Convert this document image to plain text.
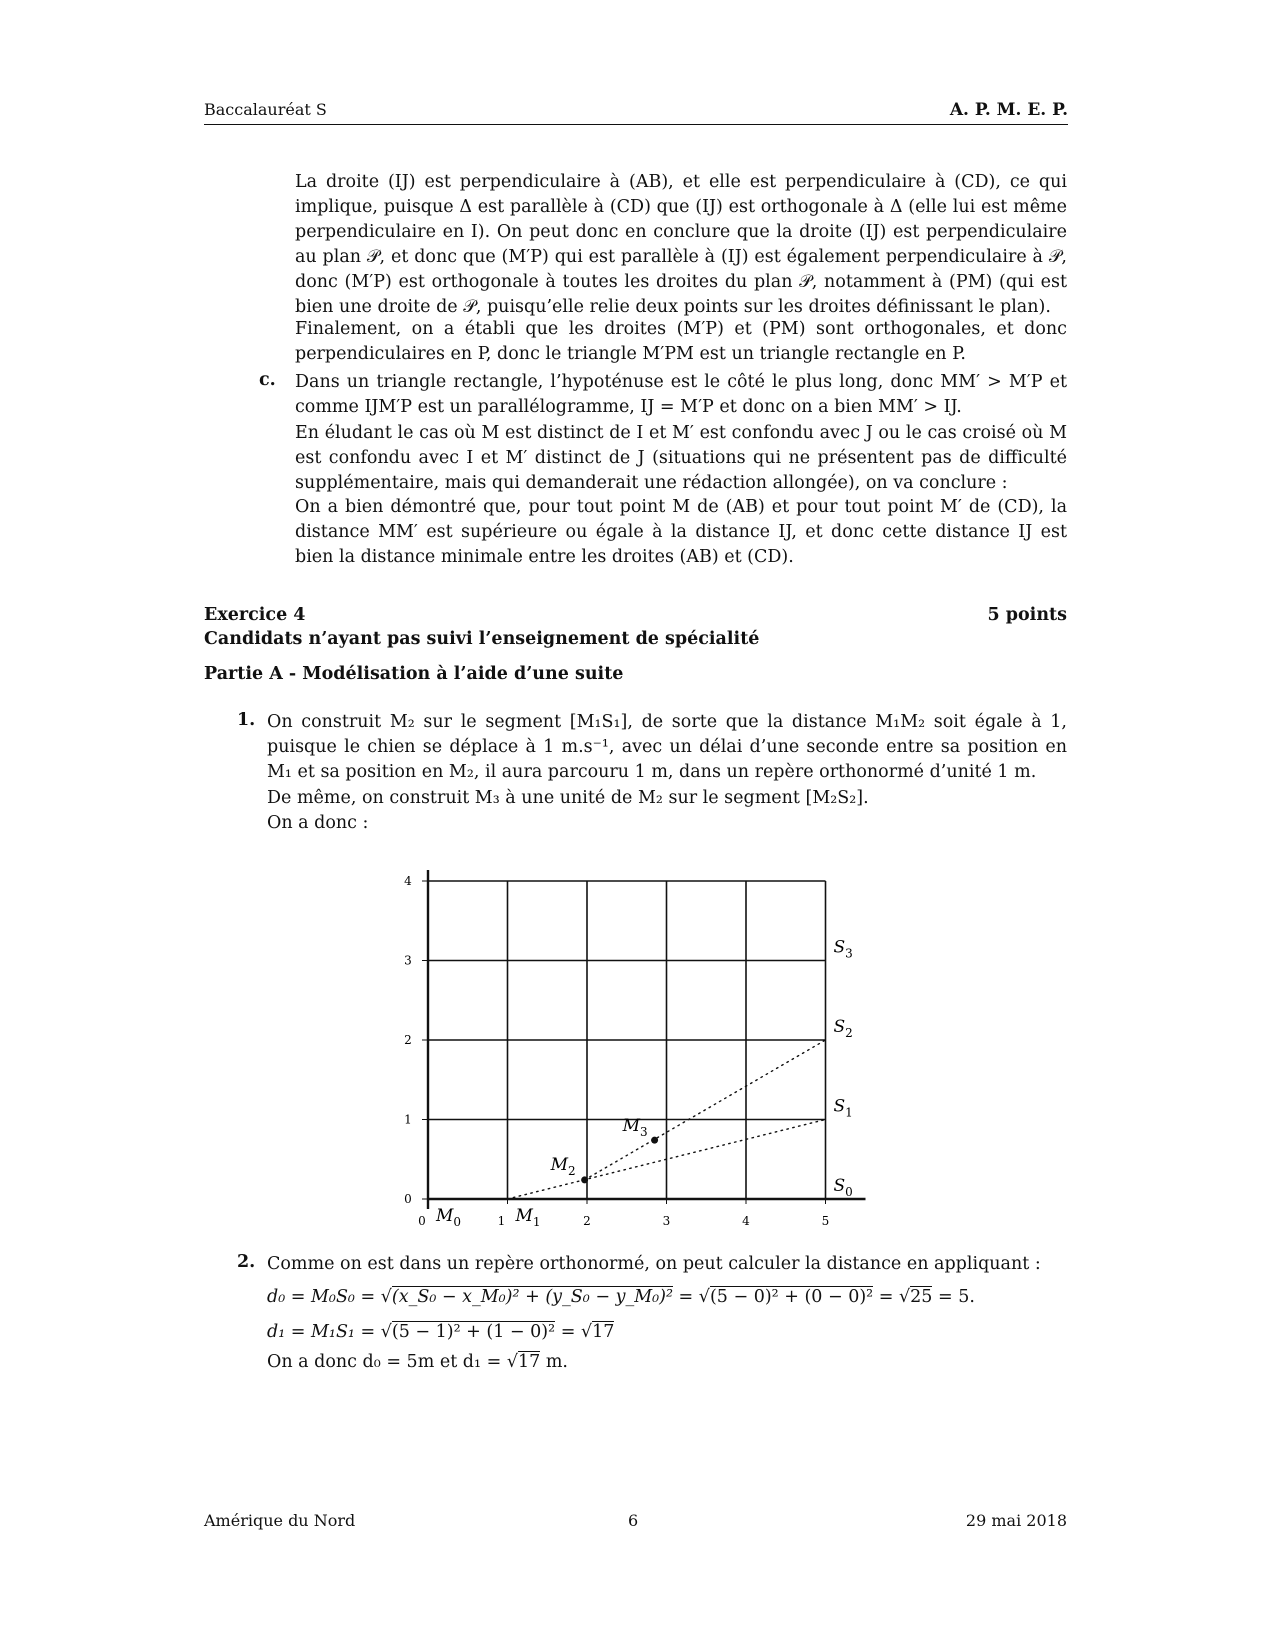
Baccalauréat S	A. P. M. E. P.
La droite (IJ) est perpendiculaire à (AB), et elle est perpendiculaire à (CD), ce qui implique, puisque Δ est parallèle à (CD) que (IJ) est orthogonale à Δ (elle lui est même perpendiculaire en I). On peut donc en conclure que la droite (IJ) est perpendiculaire au plan 𝒫, et donc que (M′P) qui est parallèle à (IJ) est également perpendiculaire à 𝒫, donc (M′P) est orthogonale à toutes les droites du plan 𝒫, notamment à (PM) (qui est bien une droite de 𝒫, puisqu’elle relie deux points sur les droites définissant le plan).
Finalement, on a établi que les droites (M′P) et (PM) sont orthogonales, et donc perpendiculaires en P, donc le triangle M′PM est un triangle rectangle en P.
c. Dans un triangle rectangle, l’hypoténuse est le côté le plus long, donc MM′ > M′P et comme IJM′P est un parallélogramme, IJ = M′P et donc on a bien MM′ > IJ.
En éludant le cas où M est distinct de I et M′ est confondu avec J ou le cas croisé où M est confondu avec I et M′ distinct de J (situations qui ne présentent pas de difficulté supplémentaire, mais qui demanderait une rédaction allongée), on va conclure :
On a bien démontré que, pour tout point M de (AB) et pour tout point M′ de (CD), la distance MM′ est supérieure ou égale à la distance IJ, et donc cette distance IJ est bien la distance minimale entre les droites (AB) et (CD).
Exercice 4	5 points
Candidats n’ayant pas suivi l’enseignement de spécialité
Partie A - Modélisation à l’aide d’une suite
1. On construit M₂ sur le segment [M₁S₁], de sorte que la distance M₁M₂ soit égale à 1, puisque le chien se déplace à 1 m.s⁻¹, avec un délai d’une seconde entre sa position en M₁ et sa position en M₂, il aura parcouru 1 m, dans un repère orthonormé d’unité 1 m.
De même, on construit M₃ à une unité de M₂ sur le segment [M₂S₂].
On a donc :
0	1	2	3	4	5
0
1
2
3
4
$M_0$	$M_1$
$M_2$
$M_3$
$S_0$
$S_1$
$S_2$
$S_3$
2. Comme on est dans un repère orthonormé, on peut calculer la distance en appliquant :
d₀ = M₀S₀ = √(x_S₀ − x_M₀)² + (y_S₀ − y_M₀)² = √(5 − 0)² + (0 − 0)² = √25 = 5.
d₁ = M₁S₁ = √(5 − 1)² + (1 − 0)² = √17
On a donc d₀ = 5m et d₁ = √17 m.
Amérique du Nord	6	29 mai 2018
